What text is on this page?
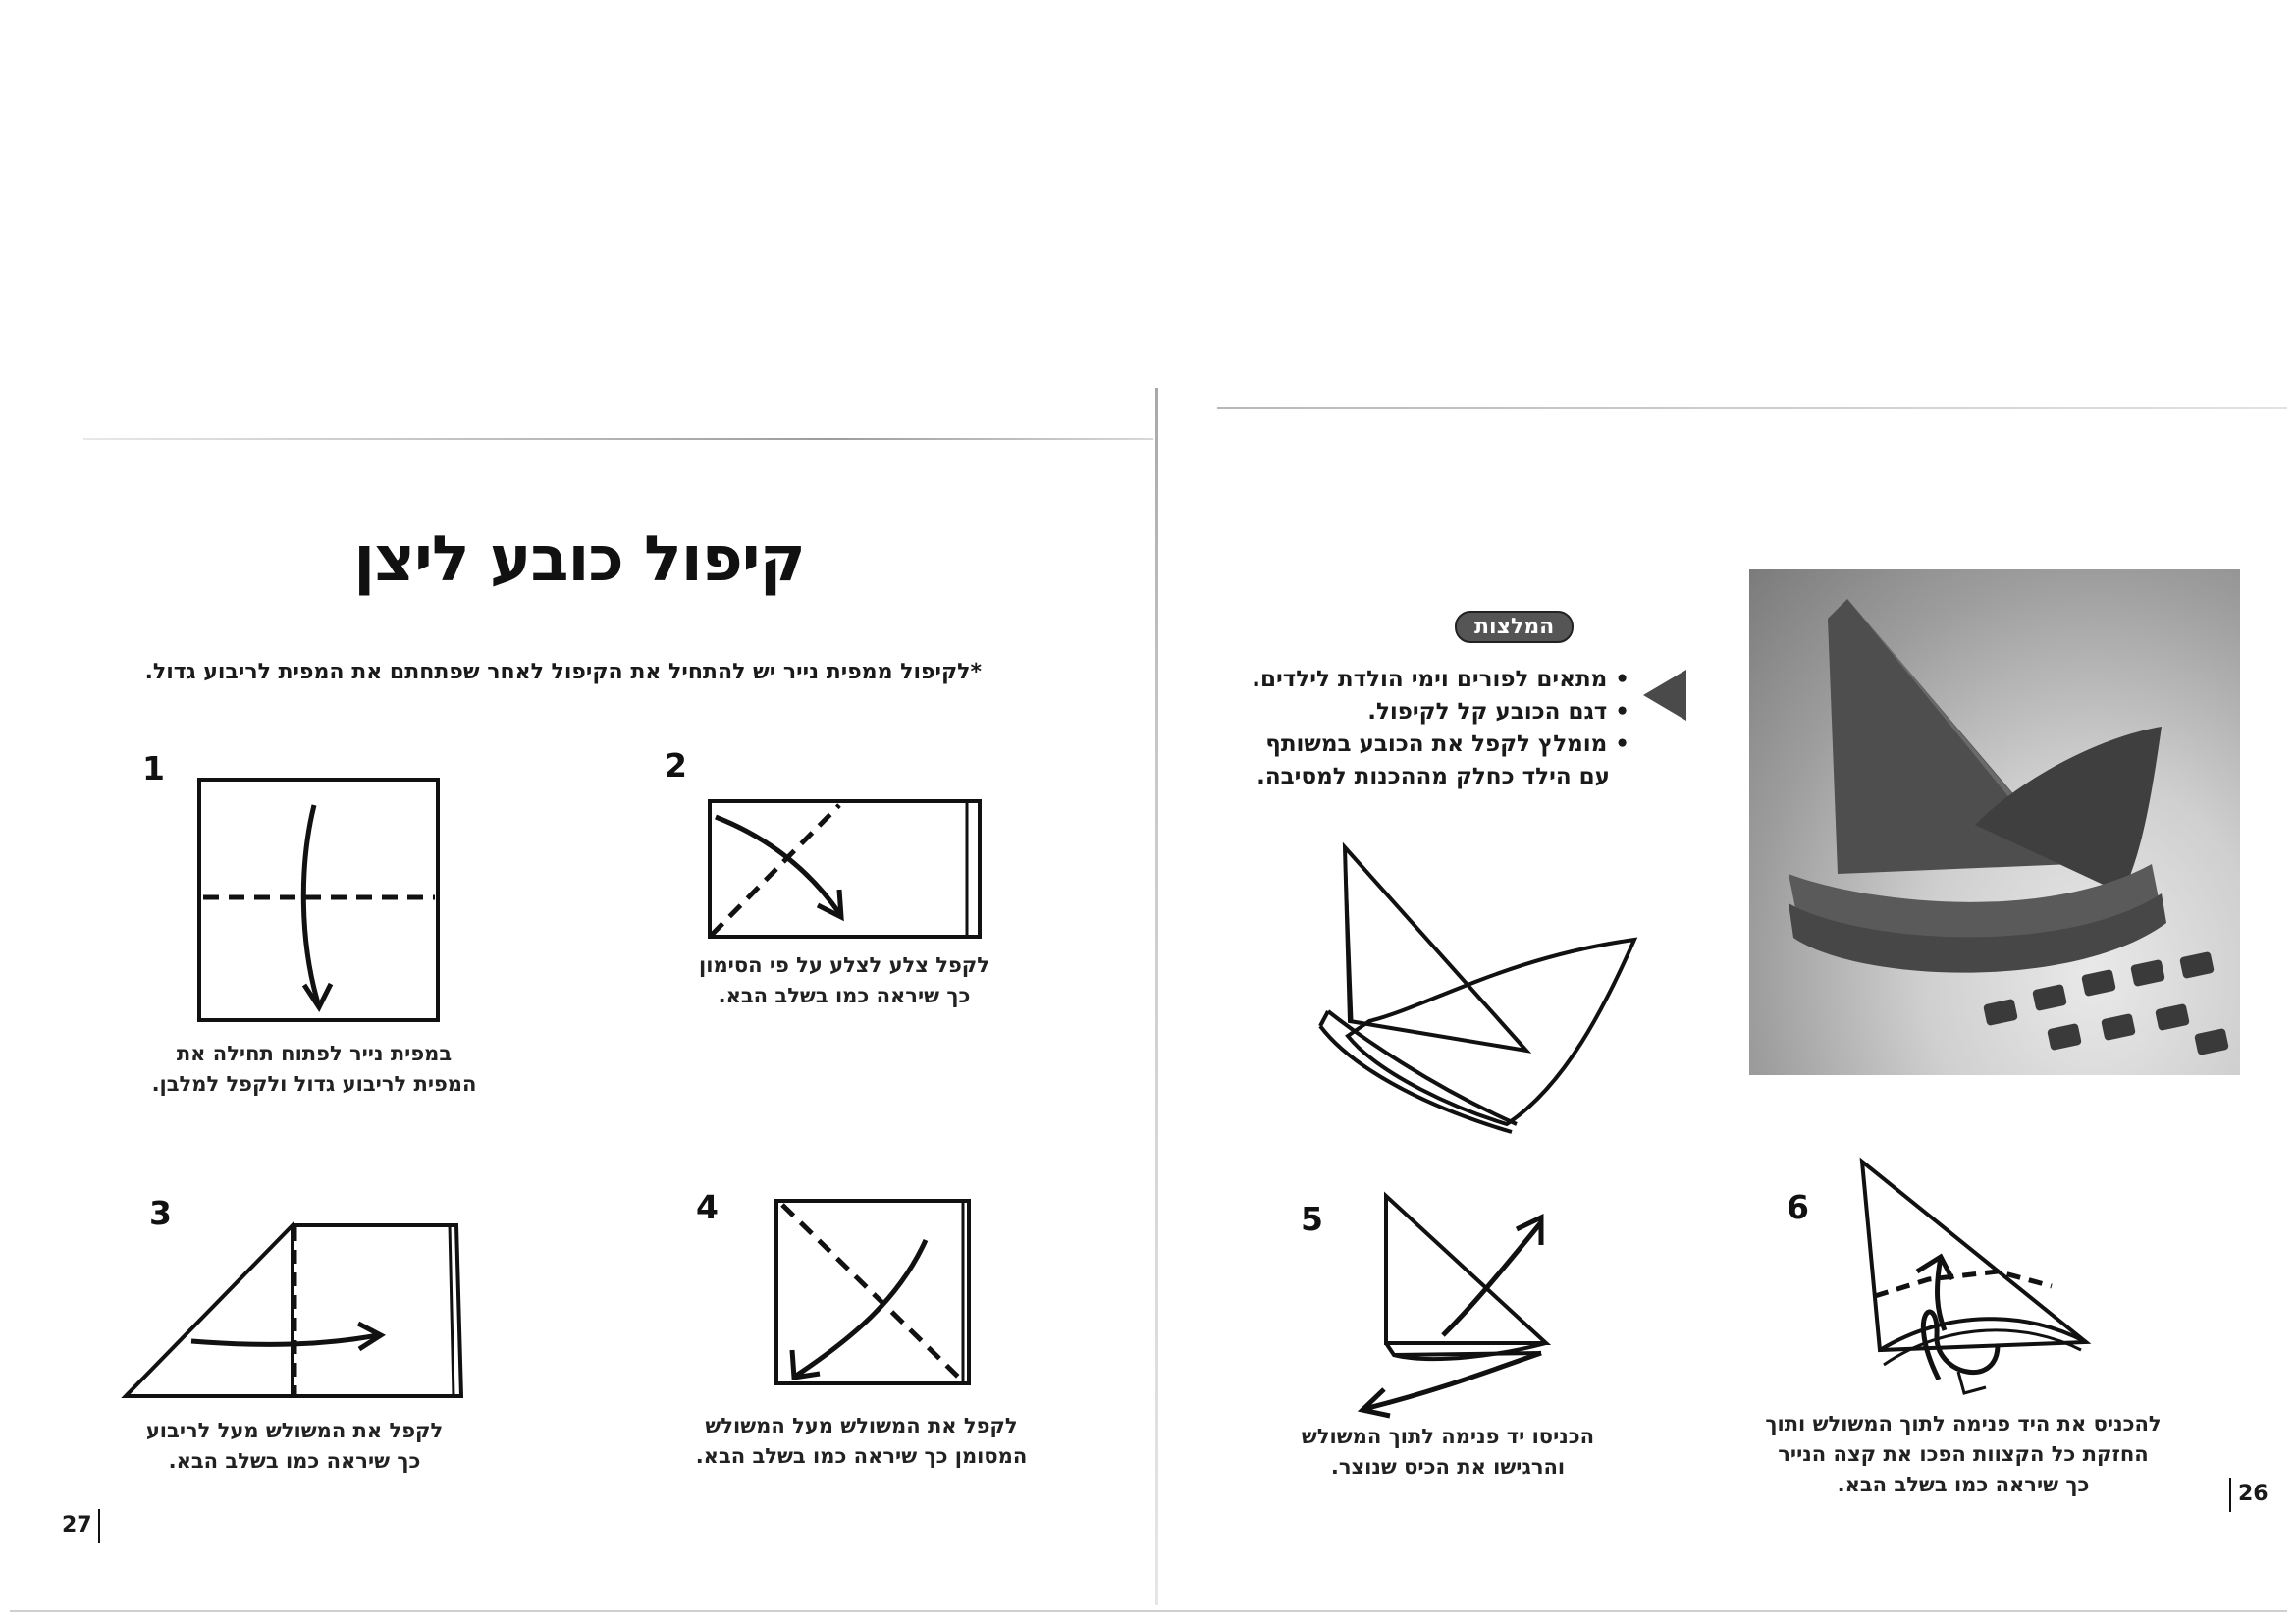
קיפול כובע ליצן
*לקיפול ממפית נייר יש להתחיל את הקיפול לאחר שפתחתם את המפית לריבוע גדול.
1
במפית נייר לפתוח תחילה את
המפית לריבוע גדול ולקפל למלבן.
2
לקפל צלע לצלע על פי הסימון
כך שיראה כמו בשלב הבא.
3
לקפל את המשולש מעל לריבוע
כך שיראה כמו בשלב הבא.
4
לקפל את המשולש מעל המשולש
המסומן כך שיראה כמו בשלב הבא.
27
המלצות
•מתאים לפורים וימי הולדת לילדים.
•דגם הכובע קל לקיפול.
•מומלץ לקפל את הכובע במשותף
עם הילד כחלק מההכנות למסיבה.
5
הכניסו יד פנימה לתוך המשולש
והרגישו את הכיס שנוצר.
6
להכניס את היד פנימה לתוך המשולש ותוך
החזקת כל הקצוות הפכו את קצה הנייר
כך שיראה כמו בשלב הבא.	26
